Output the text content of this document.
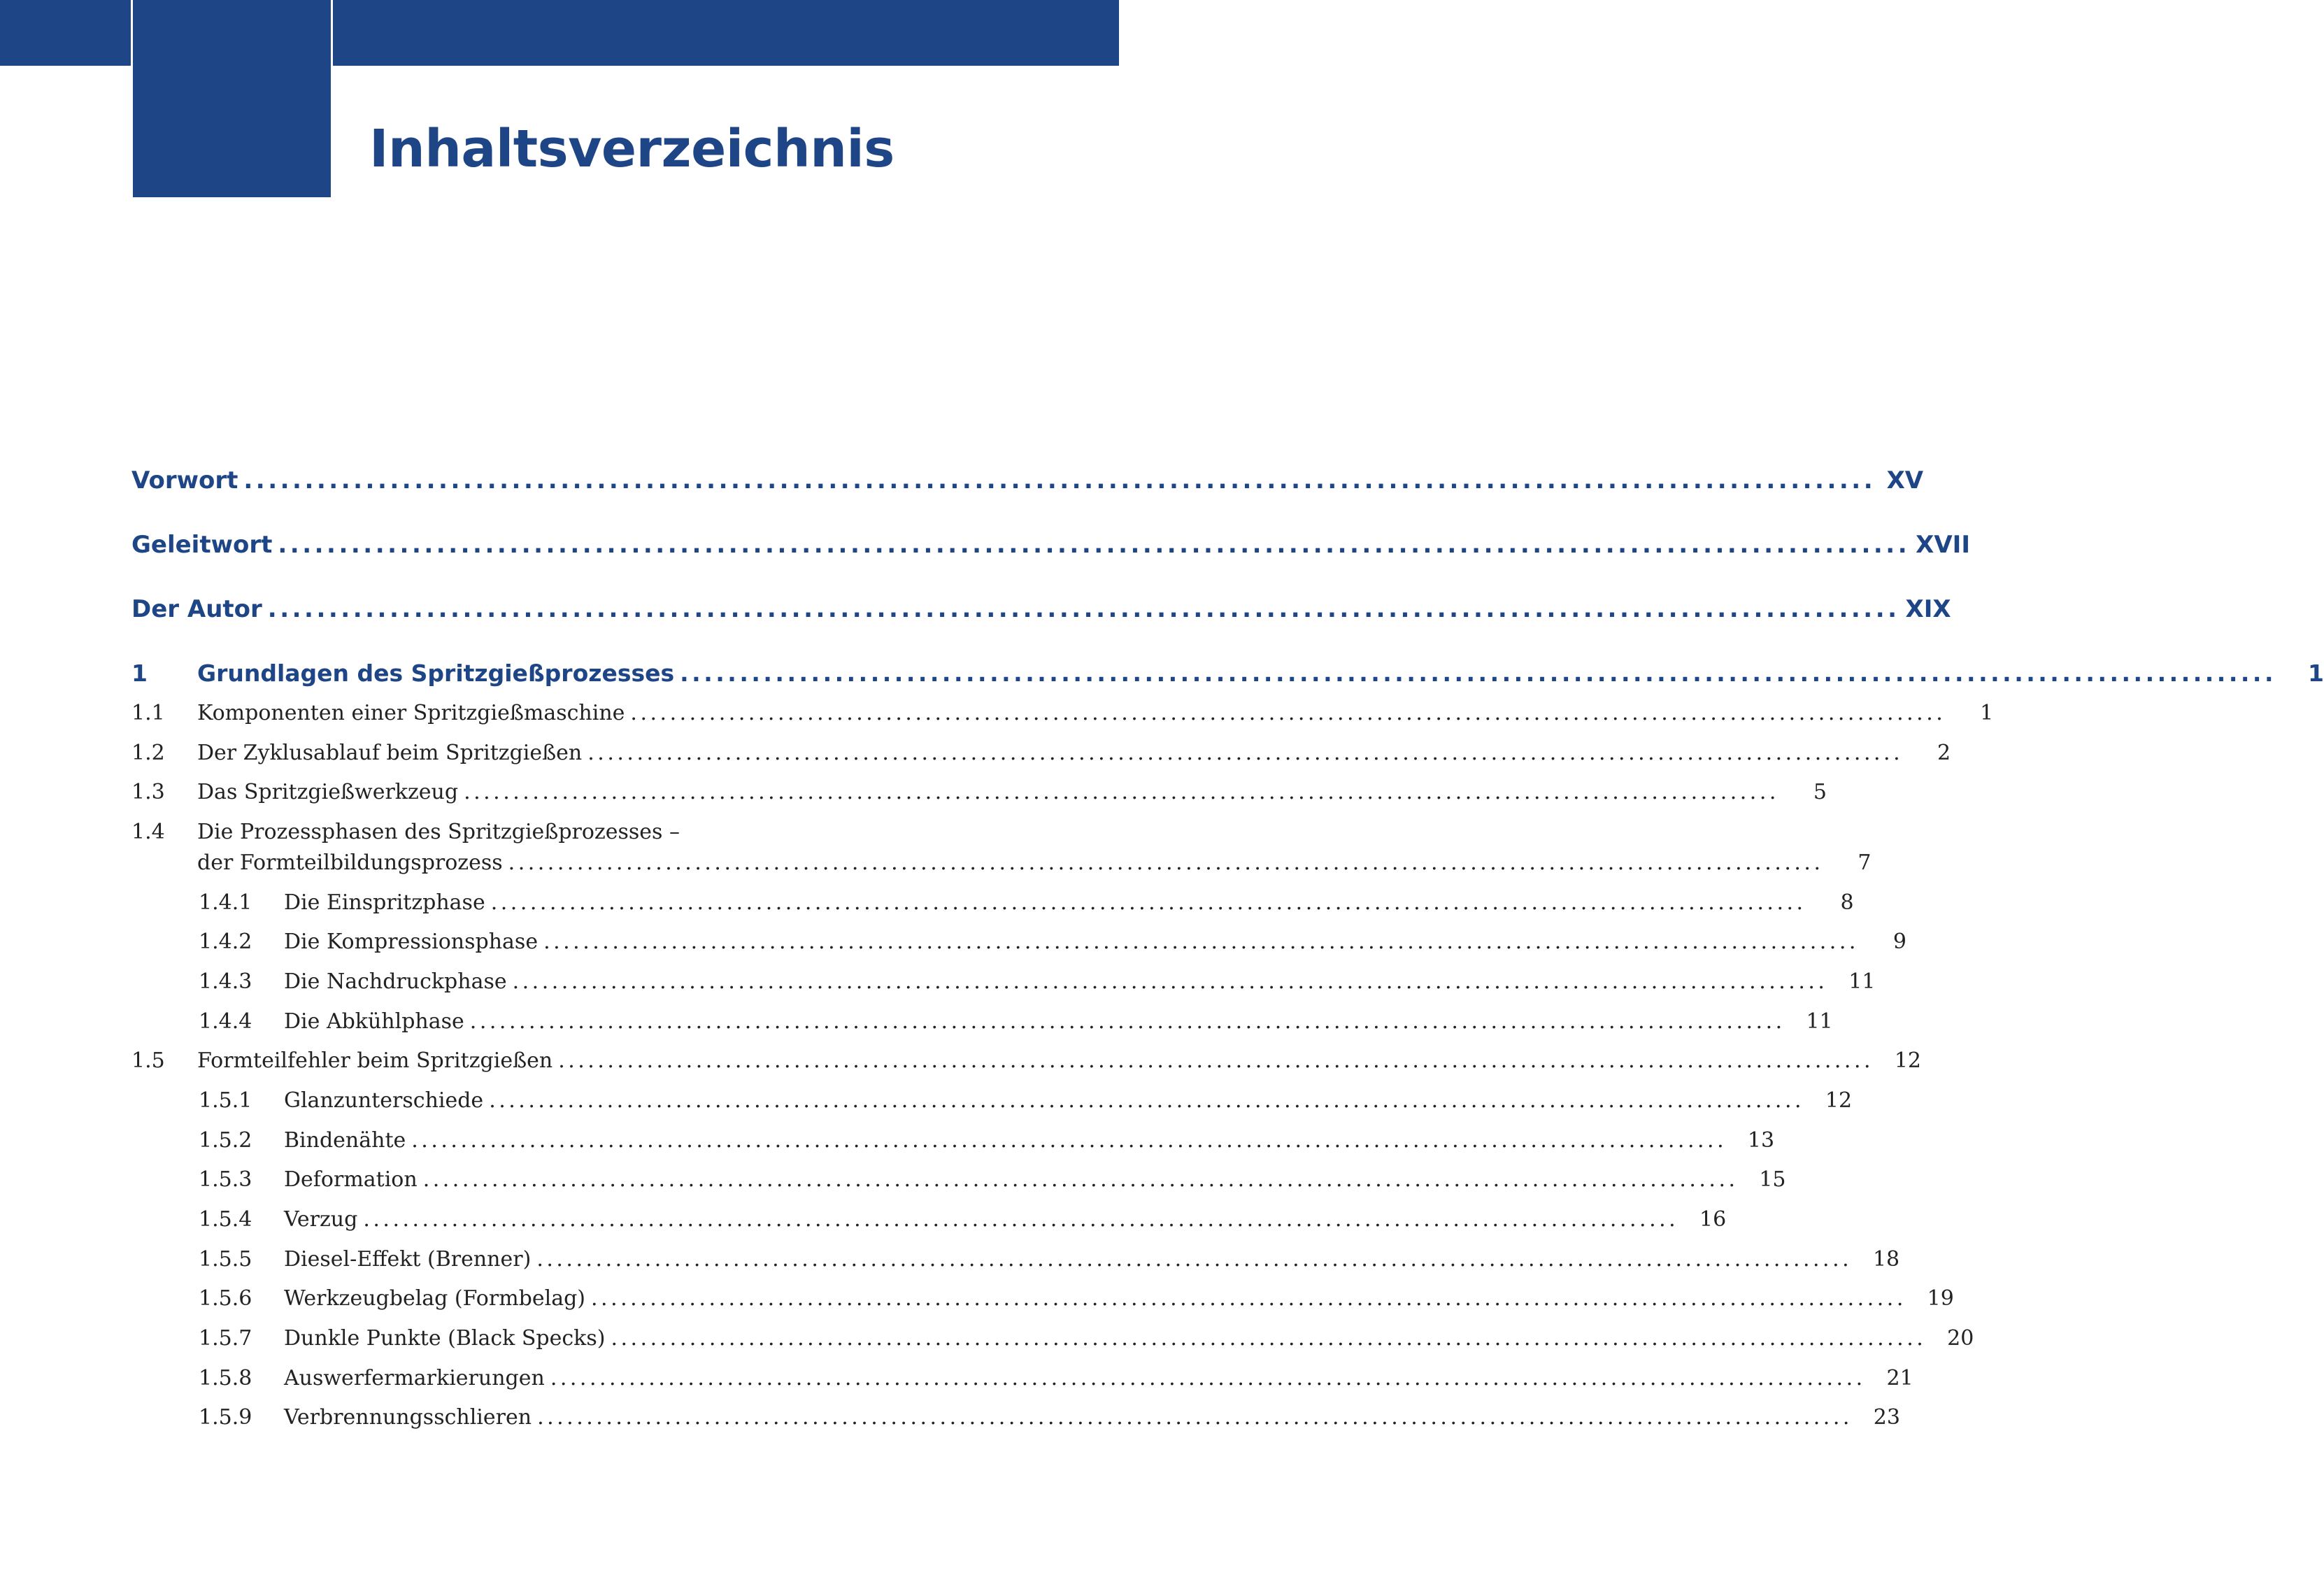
Inhaltsverzeichnis
Vorwort ...................................................................................................................................... XV
Geleitwort ...................................................................................................................................... XVII
Der Autor ...................................................................................................................................... XIX
1	Grundlagen des Spritzgießprozesses ......................................................................................................................................	1
1.1	Komponenten einer Spritzgießmaschine ......................................................................................................................................	1
1.2	Der Zyklusablauf beim Spritzgießen ......................................................................................................................................	2
1.3	Das Spritzgießwerkzeug ......................................................................................................................................	5
1.4	Die Prozessphasen des Spritzgießprozesses –
der Formteilbildungsprozess ......................................................................................................................................	7
1.4.1	Die Einspritzphase ......................................................................................................................................	8
1.4.2	Die Kompressionsphase ......................................................................................................................................	9
1.4.3	Die Nachdruckphase ...................................................................................................................................... 11
1.4.4	Die Abkühlphase ...................................................................................................................................... 11
1.5	Formteilfehler beim Spritzgießen ...................................................................................................................................... 12
1.5.1	Glanzunterschiede ...................................................................................................................................... 12
1.5.2	Bindenähte ...................................................................................................................................... 13
1.5.3	Deformation ...................................................................................................................................... 15
1.5.4	Verzug ...................................................................................................................................... 16
1.5.5	Diesel-Effekt (Brenner) ...................................................................................................................................... 18
1.5.6	Werkzeugbelag (Formbelag) ...................................................................................................................................... 19
1.5.7	Dunkle Punkte (Black Specks) ...................................................................................................................................... 20
1.5.8	Auswerfermarkierungen ...................................................................................................................................... 21
1.5.9	Verbrennungsschlieren ...................................................................................................................................... 23
